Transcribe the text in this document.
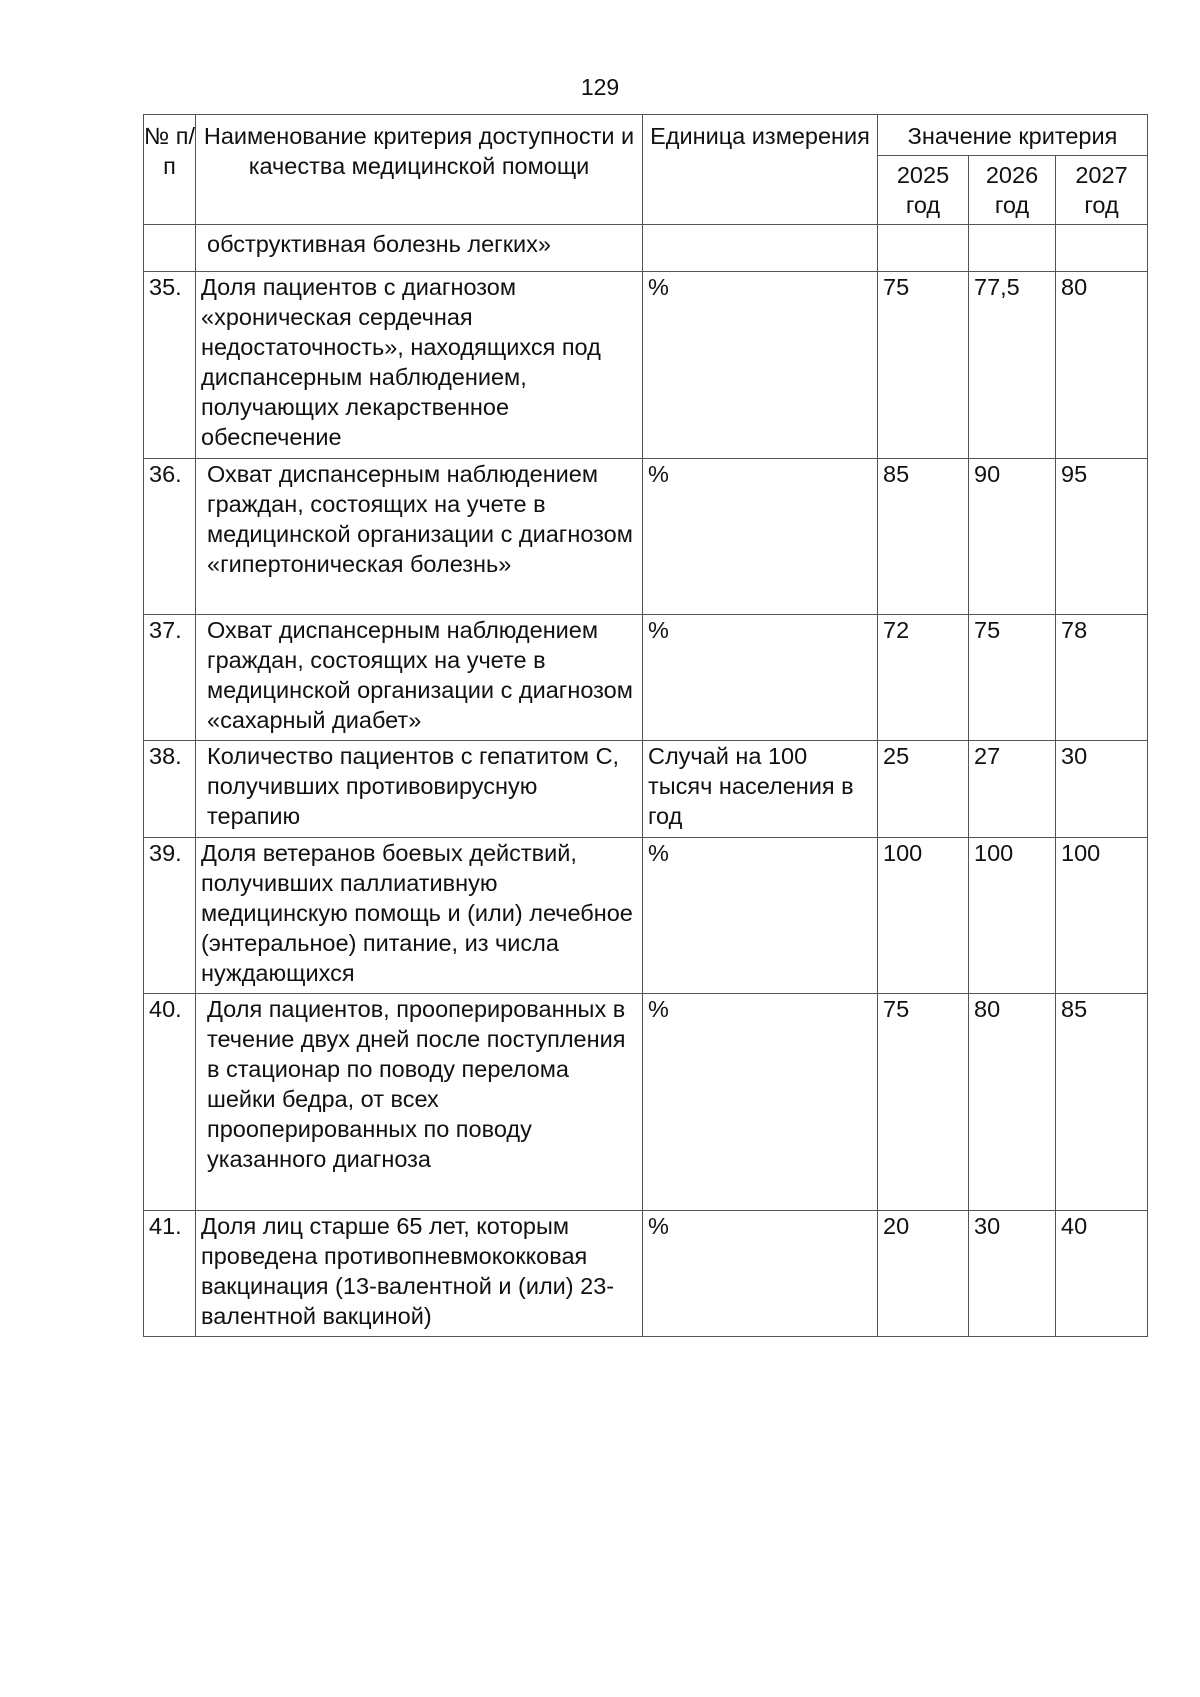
129
№ п/п	Наименование критерия доступности и качества медицинской помощи	Единица измерения	Значение критерия		
			2025 год	2026 год	2027 год
	обструктивная болезнь легких»				
35.	Доля пациентов с диагнозом «хроническая сердечная недостаточность», находящихся под диспансерным наблюдением, получающих лекарственное обеспечение	%	75	77,5	80
36.	Охват диспансерным наблюдением граждан, состоящих на учете в медицинской организации с диагнозом «гипертоническая болезнь»	%	85	90	95
37.	Охват диспансерным наблюдением граждан, состоящих на учете в медицинской организации с диагнозом «сахарный диабет»	%	72	75	78
38.	Количество пациентов с гепатитом С, получивших противовирусную терапию	Случай на 100 тысяч населения в год	25	27	30
39.	Доля ветеранов боевых действий, получивших паллиативную медицинскую помощь и (или) лечебное (энтеральное) питание, из числа нуждающихся	%	100	100	100
40.	Доля пациентов, прооперированных в течение двух дней после поступления в стационар по поводу перелома шейки бедра, от всех прооперированных по поводу указанного диагноза	%	75	80	85
41.	Доля лиц старше 65 лет, которым проведена противопневмококковая вакцинация (13-валентной и (или) 23-валентной вакциной)	%	20	30	40
